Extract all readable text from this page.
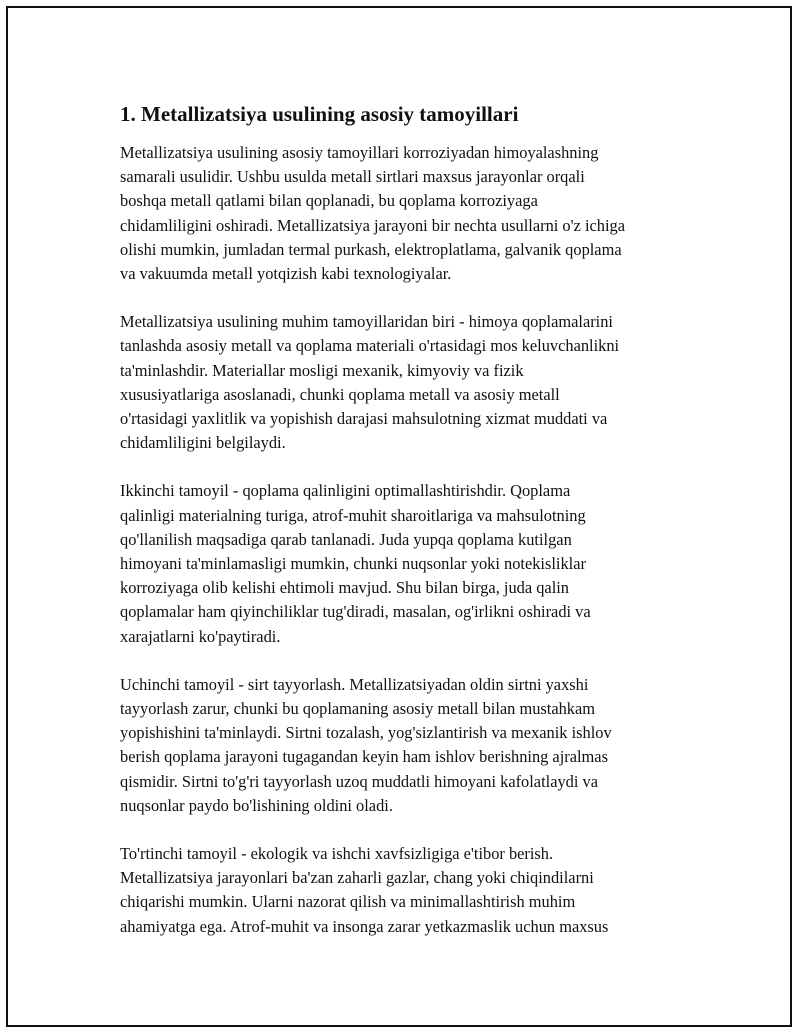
1. Metallizatsiya usulining asosiy tamoyillari

Metallizatsiya usulining asosiy tamoyillari korroziyadan himoyalashning
samarali usulidir. Ushbu usulda metall sirtlari maxsus jarayonlar orqali
boshqa metall qatlami bilan qoplanadi, bu qoplama korroziyaga
chidamliligini oshiradi. Metallizatsiya jarayoni bir nechta usullarni o'z ichiga
olishi mumkin, jumladan termal purkash, elektroplatlama, galvanik qoplama
va vakuumda metall yotqizish kabi texnologiyalar.

Metallizatsiya usulining muhim tamoyillaridan biri - himoya qoplamalarini
tanlashda asosiy metall va qoplama materiali o'rtasidagi mos keluvchanlikni
ta'minlashdir. Materiallar mosligi mexanik, kimyoviy va fizik
xususiyatlariga asoslanadi, chunki qoplama metall va asosiy metall
o'rtasidagi yaxlitlik va yopishish darajasi mahsulotning xizmat muddati va
chidamliligini belgilaydi.

Ikkinchi tamoyil - qoplama qalinligini optimallashtirishdir. Qoplama
qalinligi materialning turiga, atrof-muhit sharoitlariga va mahsulotning
qo'llanilish maqsadiga qarab tanlanadi. Juda yupqa qoplama kutilgan
himoyani ta'minlamasligi mumkin, chunki nuqsonlar yoki notekisliklar
korroziyaga olib kelishi ehtimoli mavjud. Shu bilan birga, juda qalin
qoplamalar ham qiyinchiliklar tug'diradi, masalan, og'irlikni oshiradi va
xarajatlarni ko'paytiradi.

Uchinchi tamoyil - sirt tayyorlash. Metallizatsiyadan oldin sirtni yaxshi
tayyorlash zarur, chunki bu qoplamaning asosiy metall bilan mustahkam
yopishishini ta'minlaydi. Sirtni tozalash, yog'sizlantirish va mexanik ishlov
berish qoplama jarayoni tugagandan keyin ham ishlov berishning ajralmas
qismidir. Sirtni to'g'ri tayyorlash uzoq muddatli himoyani kafolatlaydi va
nuqsonlar paydo bo'lishining oldini oladi.

To'rtinchi tamoyil - ekologik va ishchi xavfsizligiga e'tibor berish.
Metallizatsiya jarayonlari ba'zan zaharli gazlar, chang yoki chiqindilarni
chiqarishi mumkin. Ularni nazorat qilish va minimallashtirish muhim
ahamiyatga ega. Atrof-muhit va insonga zarar yetkazmaslik uchun maxsus
